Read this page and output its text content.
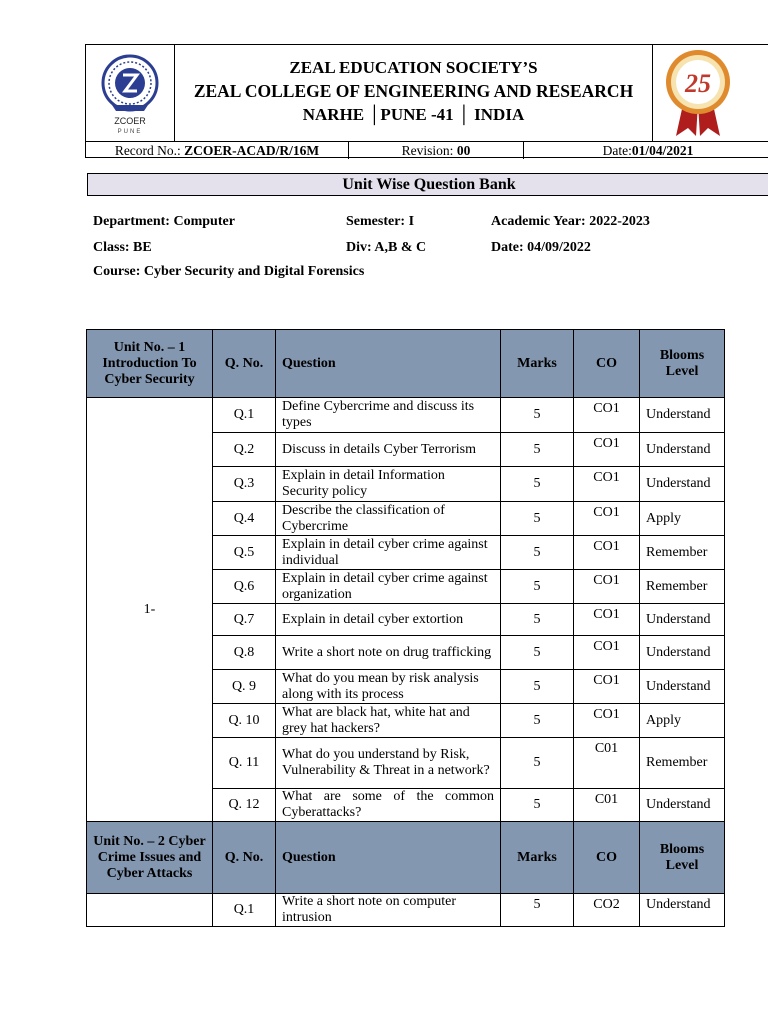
ZCOER
PUNE
ZEAL EDUCATION SOCIETY’S
ZEAL COLLEGE OF ENGINEERING AND RESEARCH
NARHE │PUNE -41 │ INDIA
25
Record No.: ZCOER-ACAD/R/16M	Revision: 00	Date:01/04/2021
Unit Wise Question Bank
Department: Computer	Semester: I	Academic Year: 2022-2023
Class: BE	Div: A,B & C	Date: 04/09/2022
Course: Cyber Security and Digital Forensics
Unit No. – 1 Introduction To Cyber Security	Q. No.	Question	Marks	CO	Blooms Level
1-	Q.1	Define Cybercrime and discuss its types	5	CO1	Understand
	Q.2	Discuss in details Cyber Terrorism	5	CO1	Understand
	Q.3	Explain in detail Information Security policy	5	CO1	Understand
	Q.4	Describe the classification of Cybercrime	5	CO1	Apply
	Q.5	Explain in detail cyber crime against individual	5	CO1	Remember
	Q.6	Explain in detail cyber crime against organization	5	CO1	Remember
	Q.7	Explain in detail cyber extortion	5	CO1	Understand
	Q.8	Write a short note on drug trafficking	5	CO1	Understand
	Q. 9	What do you mean by risk analysis along with its process	5	CO1	Understand
	Q. 10	What are black hat, white hat and grey hat hackers?	5	CO1	Apply
	Q. 11	What do you understand by Risk, Vulnerability & Threat in a network?	5	C01	Remember
	Q. 12	What are some of the common Cyberattacks?	5	C01	Understand
Unit No. – 2 Cyber Crime Issues and Cyber Attacks	Q. No.	Question	Marks	CO	Blooms Level
	Q.1	Write a short note on computer intrusion	5	CO2	Understand
